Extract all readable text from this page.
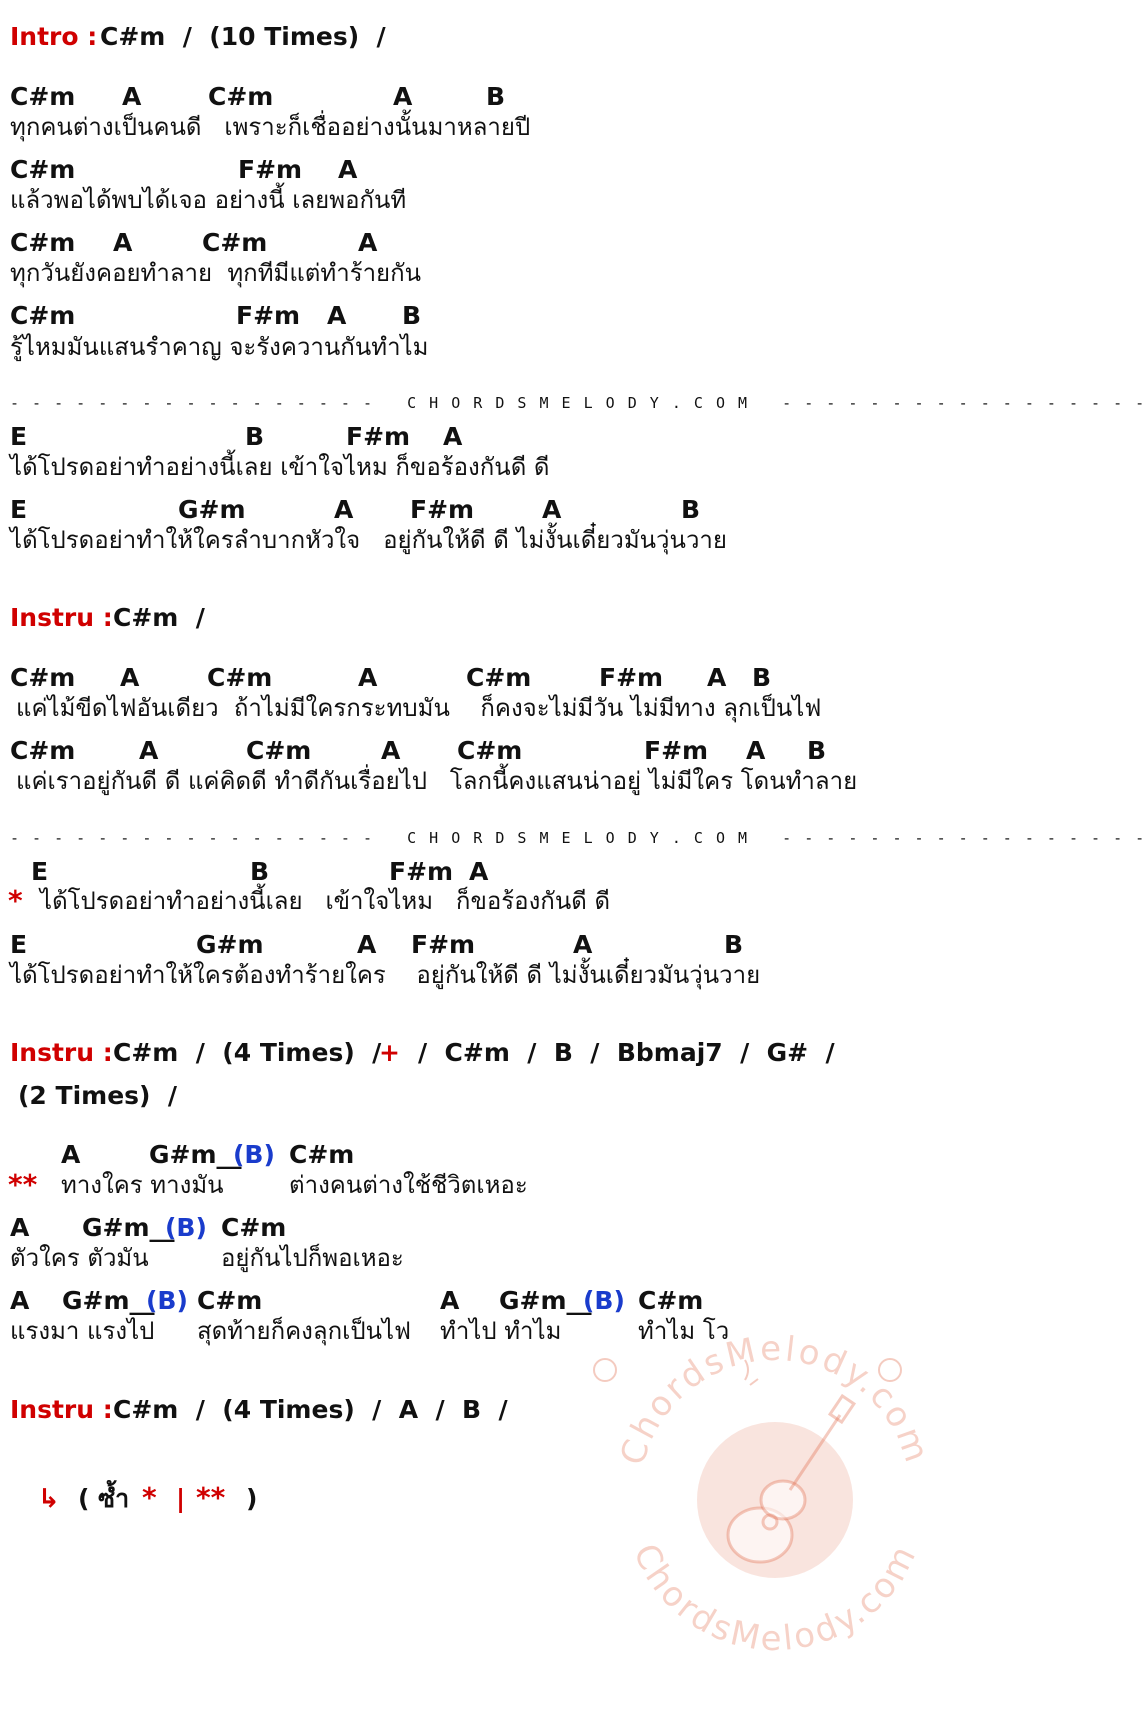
Intro : C#m  /  (10 Times)  /
C#m A	C#m	A	B
ทุกคนต่างเป็นคนดี   เพราะก็เชื่ออย่างนั้นมาหลายปี
C#m	F#m A
แล้วพอได้พบได้เจอ อย่างนี้ เลยพอกันที
C#m A	C#m	A
ทุกวันยังคอยทำลาย  ทุกทีมีแต่ทำร้ายกัน
C#m	F#m A B
รู้ไหมมันแสนรำคาญ จะรังควานกันทำไม
- - - - - - - - - - - - - - - - -   C H O R D S M E L O D Y . C O M   - - - - - - - - - - - - - - - - -
E	B	F#m A
ได้โปรดอย่าทำอย่างนี้เลย เข้าใจไหม ก็ขอร้องกันดี ดี
E	G#m	A F#m	A	B
ได้โปรดอย่าทำให้ใครลำบากหัวใจ   อยู่กันให้ดี ดี ไม่งั้นเดี๋ยวมันวุ่นวาย
Instru : C#m  /
C#m A	C#m	A	C#m	F#m A B
แค่ไม้ขีดไฟอันเดียว  ถ้าไม่มีใครกระทบมัน    ก็คงจะไม่มีวัน ไม่มีทาง ลุกเป็นไฟ
C#m	A	C#m	A C#m	F#m A B
แค่เราอยู่กันดี ดี แค่คิดดี ทำดีกันเรื่อยไป   โลกนี้คงแสนน่าอยู่ ไม่มีใคร โดนทำลาย
- - - - - - - - - - - - - - - - -   C H O R D S M E L O D Y . C O M   - - - - - - - - - - - - - - - - -
E	B	F#m A
* ได้โปรดอย่าทำอย่างนี้เลย   เข้าใจไหม   ก็ขอร้องกันดี ดี
E	G#m	A F#m	A	B
ได้โปรดอย่าทำให้ใครต้องทำร้ายใคร    อยู่กันให้ดี ดี ไม่งั้นเดี๋ยวมันวุ่นวาย
Instru : C#m  /  (4 Times)  /
+ /  C#m  /  B  /  Bbmaj7  /  G#  /
(2 Times)  /
A	G#m__
(B) C#m
** ทางใคร ทางมัน	ต่างคนต่างใช้ชีวิตเหอะ
A G#m__
(B) C#m
ตัวใคร ตัวมัน	อยู่กันไปก็พอเหอะ
A G#m__
(B) C#m	A G#m__
(B) C#m
แรงมา แรงไป สุดท้ายก็คงลุกเป็นไฟ ทำไป ทำไม	ทำไม โว
Instru : C#m  /  (4 Times)  /  A  /  B  /
↳ ( ซ้ำ * | ** )
ChordsMelody.com
ChordsMelody.com
